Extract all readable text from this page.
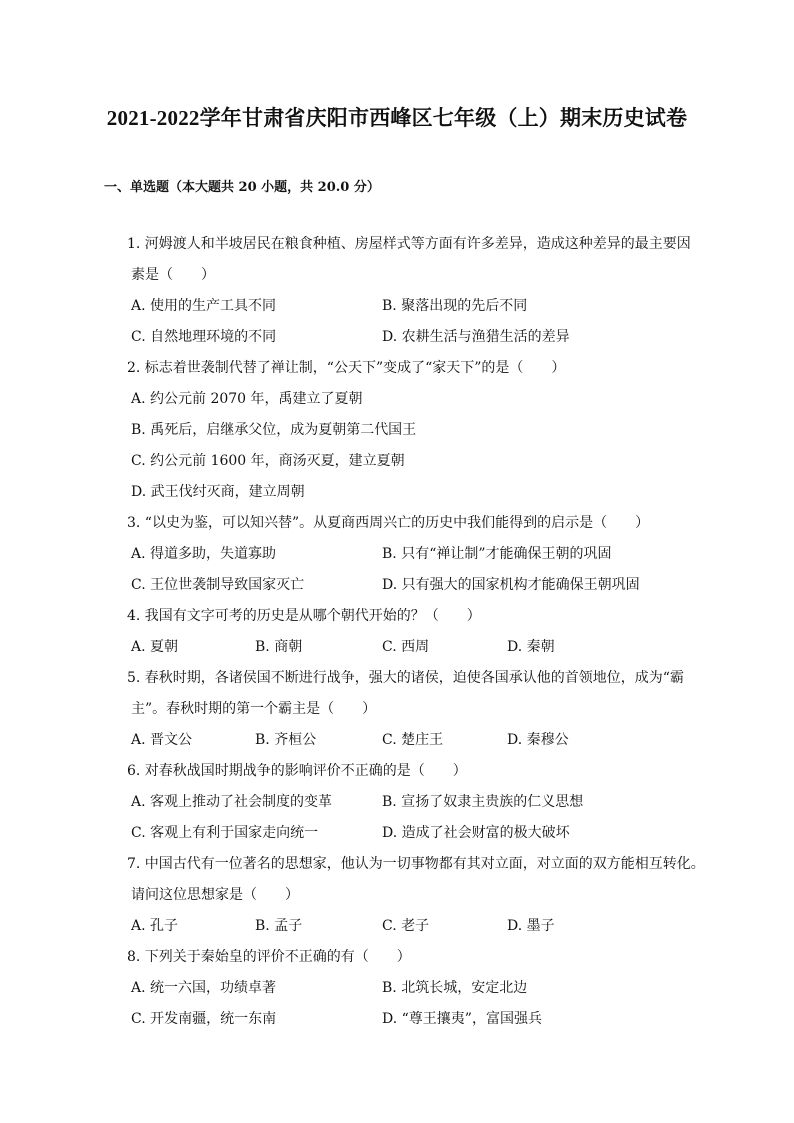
2021-2022学年甘肃省庆阳市西峰区七年级（上）期末历史试卷
一、单选题（本大题共 20 小题，共 20.0 分）
1. 河姆渡人和半坡居民在粮食种植、房屋样式等方面有许多差异，造成这种差异的最主要因
素是（　　）
A. 使用的生产工具不同	B. 聚落出现的先后不同
C. 自然地理环境的不同	D. 农耕生活与渔猎生活的差异
2. 标志着世袭制代替了禅让制，“公天下”变成了“家天下”的是（　　）
A. 约公元前 2070 年，禹建立了夏朝
B. 禹死后，启继承父位，成为夏朝第二代国王
C. 约公元前 1600 年，商汤灭夏，建立夏朝
D. 武王伐纣灭商，建立周朝
3. “以史为鉴，可以知兴替”。从夏商西周兴亡的历史中我们能得到的启示是（　　）
A. 得道多助，失道寡助	B. 只有“禅让制”才能确保王朝的巩固
C. 王位世袭制导致国家灭亡	D. 只有强大的国家机构才能确保王朝巩固
4. 我国有文字可考的历史是从哪个朝代开始的？（　　）
A. 夏朝	B. 商朝	C. 西周	D. 秦朝
5. 春秋时期，各诸侯国不断进行战争，强大的诸侯，迫使各国承认他的首领地位，成为“霸
主”。春秋时期的第一个霸主是（　　）
A. 晋文公	B. 齐桓公	C. 楚庄王	D. 秦穆公
6. 对春秋战国时期战争的影响评价不正确的是（　　）
A. 客观上推动了社会制度的变革	B. 宣扬了奴隶主贵族的仁义思想
C. 客观上有利于国家走向统一	D. 造成了社会财富的极大破坏
7. 中国古代有一位著名的思想家，他认为一切事物都有其对立面，对立面的双方能相互转化。
请问这位思想家是（　　）
A. 孔子	B. 孟子	C. 老子	D. 墨子
8. 下列关于秦始皇的评价不正确的有（　　）
A. 统一六国，功绩卓著	B. 北筑长城，安定北边
C. 开发南疆，统一东南	D. “尊王攘夷”，富国强兵
